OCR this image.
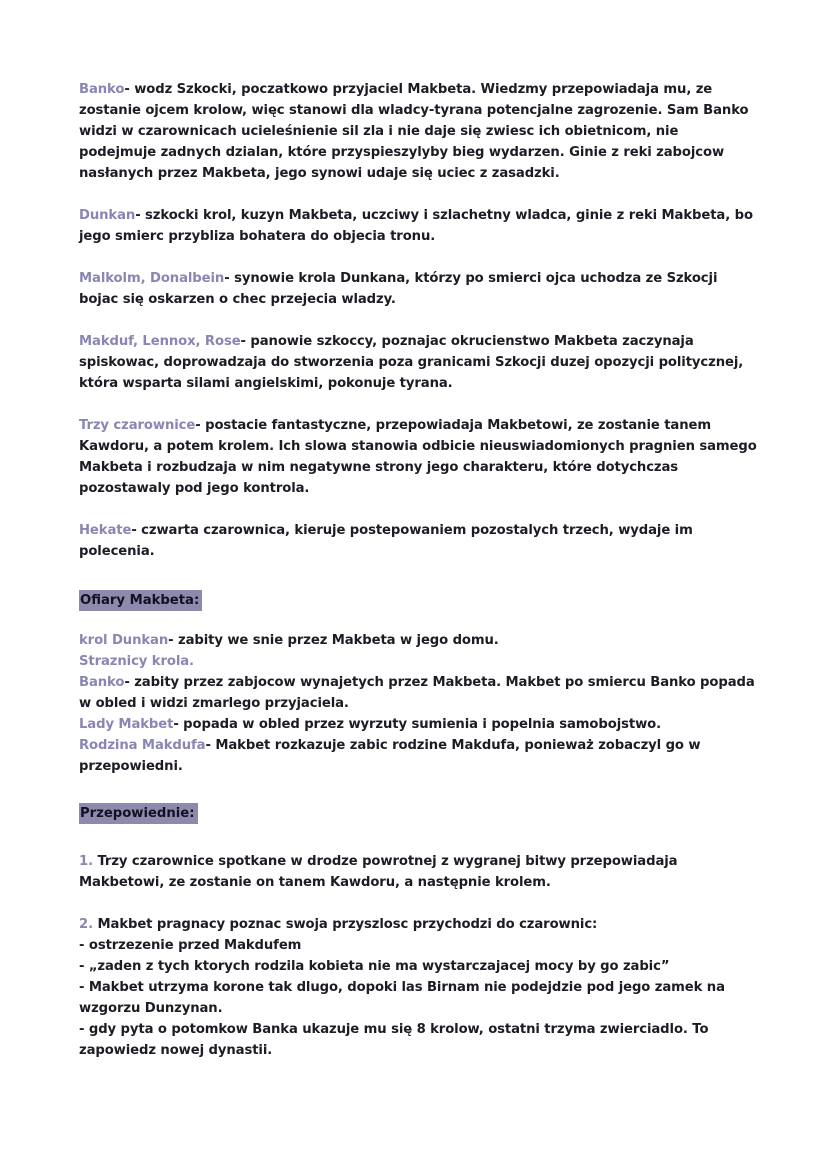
Banko- wodz Szkocki, poczatkowo przyjaciel Makbeta. Wiedzmy przepowiadaja mu, ze zostanie ojcem krolow, więc stanowi dla wladcy-tyrana potencjalne zagrozenie. Sam Banko widzi w czarownicach ucieleśnienie sil zla i nie daje się zwiesc ich obietnicom, nie podejmuje zadnych dzialan, które przyspieszylyby bieg wydarzen. Ginie z reki zabojcow nasłanych przez Makbeta, jego synowi udaje się uciec z zasadzki.

Dunkan- szkocki krol, kuzyn Makbeta, uczciwy i szlachetny wladca, ginie z reki Makbeta, bo jego smierc przybliza bohatera do objecia tronu.

Malkolm, Donalbein- synowie krola Dunkana, którzy po smierci ojca uchodza ze Szkocji bojac się oskarzen o chec przejecia wladzy.

Makduf, Lennox, Rose- panowie szkoccy, poznajac okrucienstwo Makbeta zaczynaja spiskowac, doprowadzaja do stworzenia poza granicami Szkocji duzej opozycji politycznej, która wsparta silami angielskimi, pokonuje tyrana.

Trzy czarownice- postacie fantastyczne, przepowiadaja Makbetowi, ze zostanie tanem Kawdoru, a potem krolem. Ich slowa stanowia odbicie nieuswiadomionych pragnien samego Makbeta i rozbudzaja w nim negatywne strony jego charakteru, które dotychczas pozostawaly pod jego kontrola.

Hekate- czwarta czarownica, kieruje postepowaniem pozostalych trzech, wydaje im polecenia.

Ofiary Makbeta:

krol Dunkan- zabity we snie przez Makbeta w jego domu.

Straznicy krola.

Banko- zabity przez zabjocow wynajetych przez Makbeta. Makbet po smiercu Banko popada w obled i widzi zmarlego przyjaciela.

Lady Makbet- popada w obled przez wyrzuty sumienia i popelnia samobojstwo.

Rodzina Makdufa- Makbet rozkazuje zabic rodzine Makdufa, ponieważ zobaczyl go w przepowiedni.

Przepowiednie:

1. Trzy czarownice spotkane w drodze powrotnej z wygranej bitwy przepowiadaja Makbetowi, ze zostanie on tanem Kawdoru, a następnie krolem.

2. Makbet pragnacy poznac swoja przyszlosc przychodzi do czarownic:

- ostrzezenie przed Makdufem

- „zaden z tych ktorych rodzila kobieta nie ma wystarczajacej mocy by go zabic”

- Makbet utrzyma korone tak dlugo, dopoki las Birnam nie podejdzie pod jego zamek na wzgorzu Dunzynan.

- gdy pyta o potomkow Banka ukazuje mu się 8 krolow, ostatni trzyma zwierciadlo. To zapowiedz nowej dynastii.
